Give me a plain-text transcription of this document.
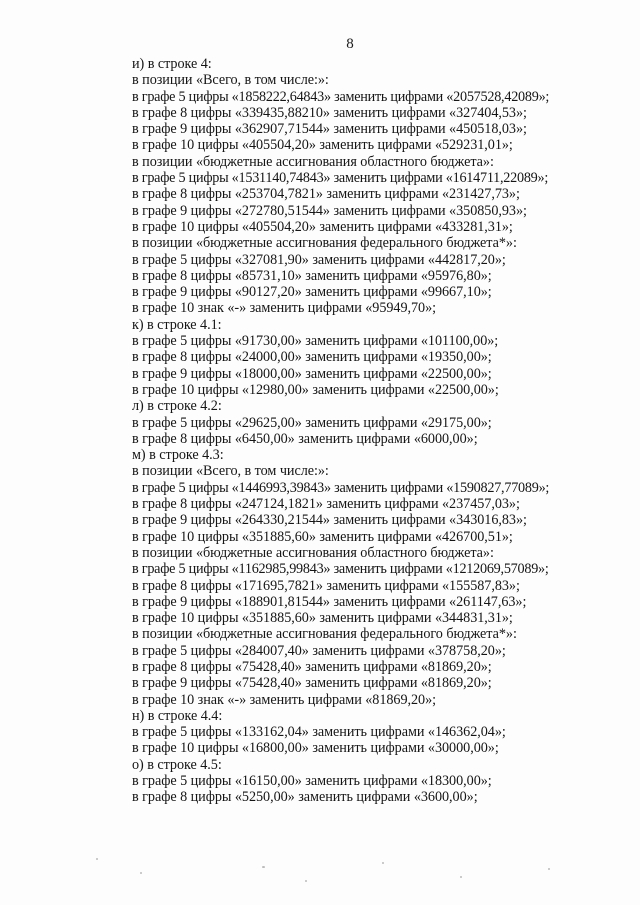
8
и) в строке 4:
в позиции «Всего, в том числе:»:
в графе 5 цифры «1858222,64843» заменить цифрами «2057528,42089»;
в графе 8 цифры «339435,88210» заменить цифрами «327404,53»;
в графе 9 цифры «362907,71544» заменить цифрами «450518,03»;
в графе 10 цифры «405504,20» заменить цифрами «529231,01»;
в позиции «бюджетные ассигнования областного бюджета»:
в графе 5 цифры «1531140,74843» заменить цифрами «1614711,22089»;
в графе 8 цифры «253704,7821» заменить цифрами «231427,73»;
в графе 9 цифры «272780,51544» заменить цифрами «350850,93»;
в графе 10 цифры «405504,20» заменить цифрами «433281,31»;
в позиции «бюджетные ассигнования федерального бюджета*»:
в графе 5 цифры «327081,90» заменить цифрами «442817,20»;
в графе 8 цифры «85731,10» заменить цифрами «95976,80»;
в графе 9 цифры «90127,20» заменить цифрами «99667,10»;
в графе 10 знак «-» заменить цифрами «95949,70»;
к) в строке 4.1:
в графе 5 цифры «91730,00» заменить цифрами «101100,00»;
в графе 8 цифры «24000,00» заменить цифрами «19350,00»;
в графе 9 цифры «18000,00» заменить цифрами «22500,00»;
в графе 10 цифры «12980,00» заменить цифрами «22500,00»;
л) в строке 4.2:
в графе 5 цифры «29625,00» заменить цифрами «29175,00»;
в графе 8 цифры «6450,00» заменить цифрами «6000,00»;
м) в строке 4.3:
в позиции «Всего, в том числе:»:
в графе 5 цифры «1446993,39843» заменить цифрами «1590827,77089»;
в графе 8 цифры «247124,1821» заменить цифрами «237457,03»;
в графе 9 цифры «264330,21544» заменить цифрами «343016,83»;
в графе 10 цифры «351885,60» заменить цифрами «426700,51»;
в позиции «бюджетные ассигнования областного бюджета»:
в графе 5 цифры «1162985,99843» заменить цифрами «1212069,57089»;
в графе 8 цифры «171695,7821» заменить цифрами «155587,83»;
в графе 9 цифры «188901,81544» заменить цифрами «261147,63»;
в графе 10 цифры «351885,60» заменить цифрами «344831,31»;
в позиции «бюджетные ассигнования федерального бюджета*»:
в графе 5 цифры «284007,40» заменить цифрами «378758,20»;
в графе 8 цифры «75428,40» заменить цифрами «81869,20»;
в графе 9 цифры «75428,40» заменить цифрами «81869,20»;
в графе 10 знак «-» заменить цифрами «81869,20»;
н) в строке 4.4:
в графе 5 цифры «133162,04» заменить цифрами «146362,04»;
в графе 10 цифры «16800,00» заменить цифрами «30000,00»;
о) в строке 4.5:
в графе 5 цифры «16150,00» заменить цифрами «18300,00»;
в графе 8 цифры «5250,00» заменить цифрами «3600,00»;
